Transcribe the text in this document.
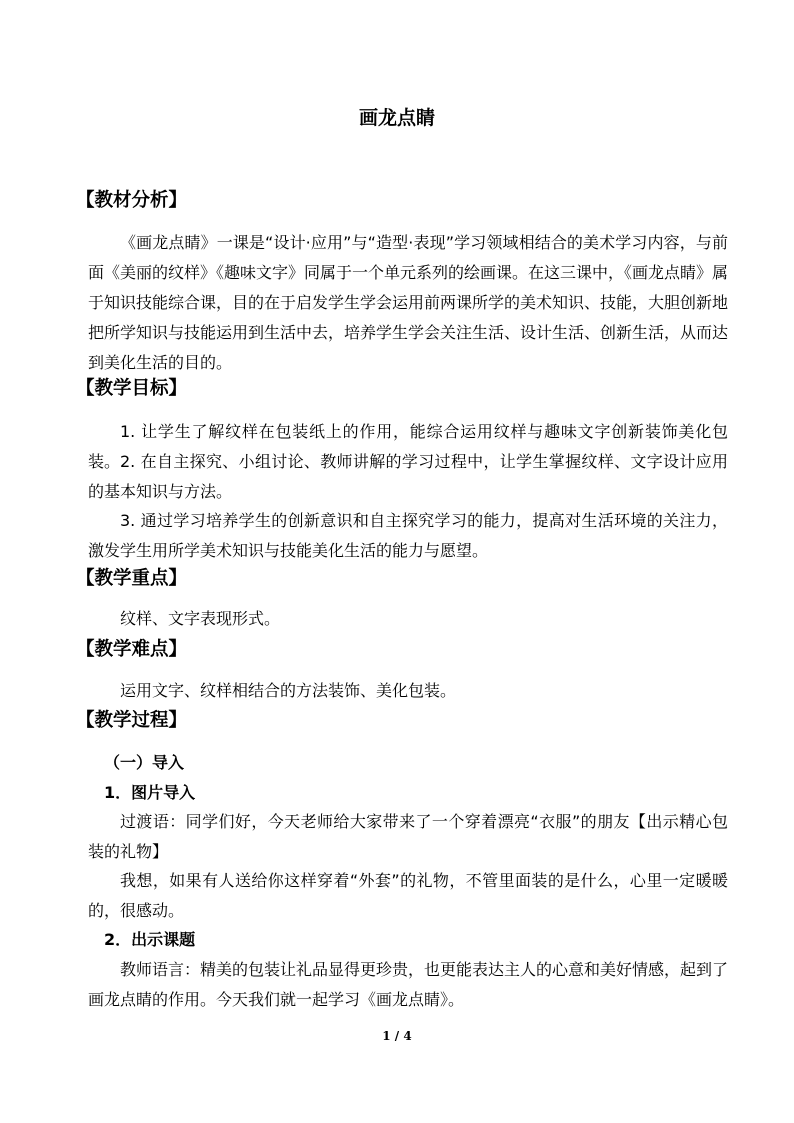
画龙点睛
【教材分析】
《画龙点睛》一课是“设计·应用”与“造型·表现”学习领域相结合的美术学习内容，与前面《美丽的纹样》《趣味文字》同属于一个单元系列的绘画课。在这三课中，《画龙点睛》属于知识技能综合课，目的在于启发学生学会运用前两课所学的美术知识、技能，大胆创新地把所学知识与技能运用到生活中去，培养学生学会关注生活、设计生活、创新生活，从而达到美化生活的目的。
【教学目标】
1. 让学生了解纹样在包装纸上的作用，能综合运用纹样与趣味文字创新装饰美化包装。 2. 在自主探究、小组讨论、教师讲解的学习过程中，让学生掌握纹样、文字设计应用的基本知识与方法。
3. 通过学习培养学生的创新意识和自主探究学习的能力，提高对生活环境的关注力，激发学生用所学美术知识与技能美化生活的能力与愿望。
【教学重点】
纹样、文字表现形式。
【教学难点】
运用文字、纹样相结合的方法装饰、美化包装。
【教学过程】
（一）导入
1．图片导入
过渡语：同学们好，今天老师给大家带来了一个穿着漂亮“衣服”的朋友【出示精心包装的礼物】
我想，如果有人送给你这样穿着“外套”的礼物，不管里面装的是什么，心里一定暖暖的，很感动。
2．出示课题
教师语言：精美的包装让礼品显得更珍贵，也更能表达主人的心意和美好情感，起到了画龙点睛的作用。今天我们就一起学习《画龙点睛》。
1 / 4
